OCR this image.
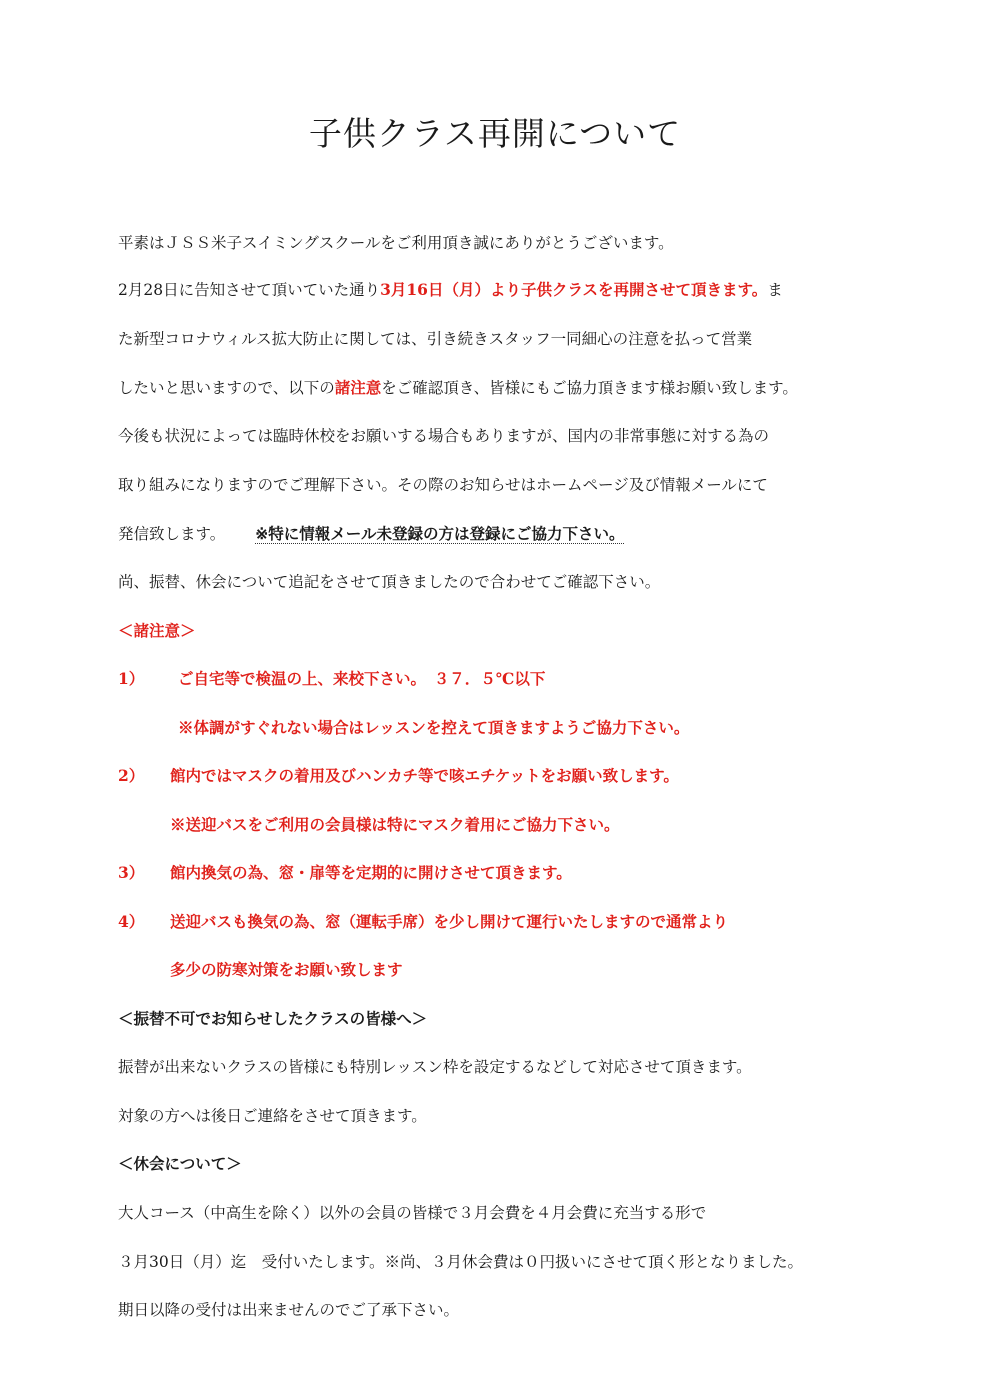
子供クラス再開について
平素はＪＳＳ米子スイミングスクールをご利用頂き誠にありがとうございます。
2月28日に告知させて頂いていた通り3月16日（月）より子供クラスを再開させて頂きます。ま
た新型コロナウィルス拡大防止に関しては、引き続きスタッフ一同細心の注意を払って営業
したいと思いますので、以下の諸注意をご確認頂き、皆様にもご協力頂きます様お願い致します。
今後も状況によっては臨時休校をお願いする場合もありますが、国内の非常事態に対する為の
取り組みになりますのでご理解下さい。その際のお知らせはホームページ及び情報メールにて
発信致します。 ※特に情報メール未登録の方は登録にご協力下さい。
尚、振替、休会について追記をさせて頂きましたので合わせてご確認下さい。
＜諸注意＞
1） ご自宅等で検温の上、来校下さい。　３７．５℃以下
※体調がすぐれない場合はレッスンを控えて頂きますようご協力下さい。
2） 館内ではマスクの着用及びハンカチ等で咳エチケットをお願い致します。
※送迎バスをご利用の会員様は特にマスク着用にご協力下さい。
3） 館内換気の為、窓・扉等を定期的に開けさせて頂きます。
4） 送迎バスも換気の為、窓（運転手席）を少し開けて運行いたしますので通常より
多少の防寒対策をお願い致します
＜振替不可でお知らせしたクラスの皆様へ＞
振替が出来ないクラスの皆様にも特別レッスン枠を設定するなどして対応させて頂きます。
対象の方へは後日ご連絡をさせて頂きます。
＜休会について＞
大人コース（中高生を除く）以外の会員の皆様で３月会費を４月会費に充当する形で
３月30日（月）迄　受付いたします。※尚、３月休会費は０円扱いにさせて頂く形となりました。
期日以降の受付は出来ませんのでご了承下さい。
